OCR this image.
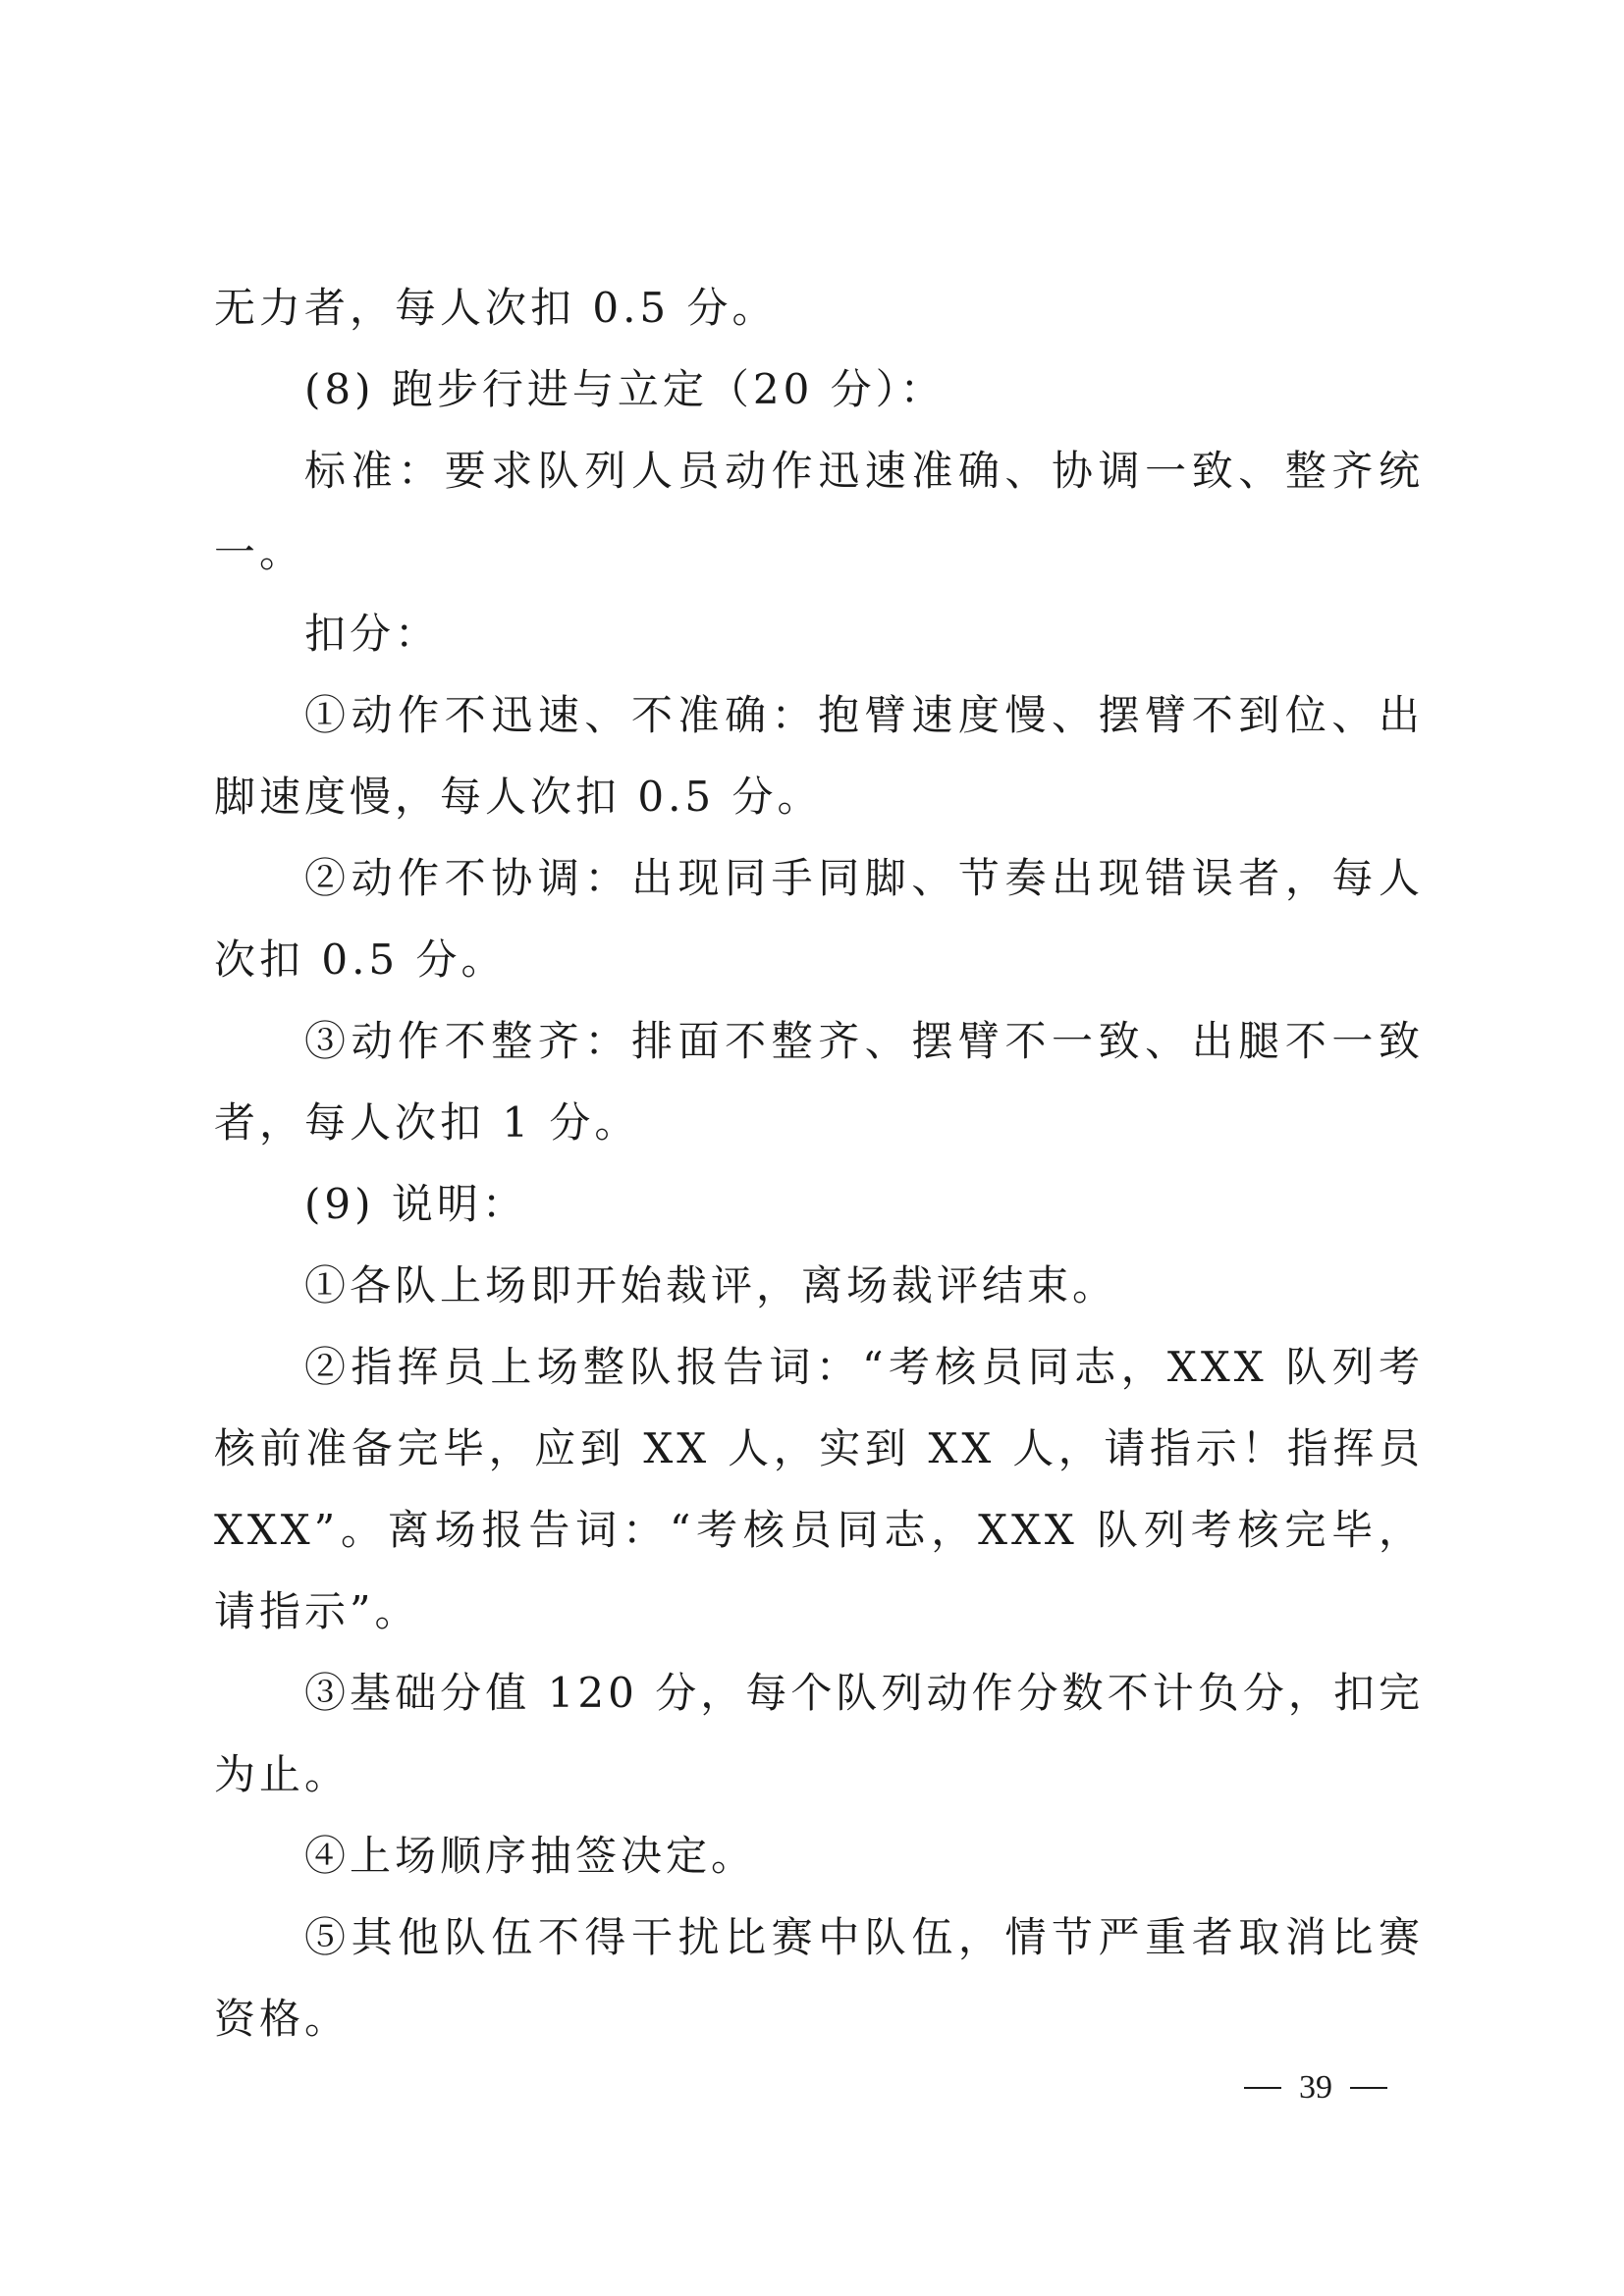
无力者，每人次扣 0.5 分。

(8) 跑步行进与立定（20 分）：

标准：要求队列人员动作迅速准确、协调一致、整齐统一。

扣分：

①动作不迅速、不准确：抱臂速度慢、摆臂不到位、出脚速度慢，每人次扣 0.5 分。

②动作不协调：出现同手同脚、节奏出现错误者，每人次扣 0.5 分。

③动作不整齐：排面不整齐、摆臂不一致、出腿不一致者，每人次扣 1 分。

(9) 说明：

①各队上场即开始裁评，离场裁评结束。

②指挥员上场整队报告词：“考核员同志，XXX 队列考核前准备完毕，应到 XX 人，实到 XX 人，请指示！指挥员 XXX”。离场报告词：“考核员同志，XXX 队列考核完毕，请指示”。

③基础分值 120 分，每个队列动作分数不计负分，扣完为止。

④上场顺序抽签决定。

⑤其他队伍不得干扰比赛中队伍，情节严重者取消比赛资格。

39
